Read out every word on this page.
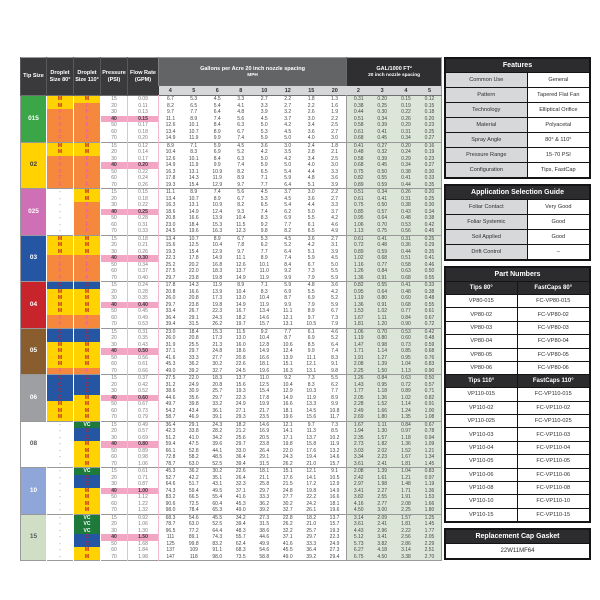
Tip Size	Droplet Size 80°	Droplet Size 110°	Pressure (PSI)	Flow Rate (GPM)	
Gallons per Acre 20 inch nozzle spacing
MPH

GAL/1000 FT²
20 inch nozzle spacing

					4	5	6	8	10	12	15	20	2	3	4	5
015	M	M	15	0.09	6.7	5.3	4.5	3.3	2.7	2.2	1.8	1.3	0.31	0.20	0.15	0.12
	M	F	20	0.11	8.2	6.5	5.4	4.1	3.3	2.7	2.2	1.6	0.38	0.25	0.19	0.15
	F	F	30	0.13	9.7	7.7	6.4	4.8	3.9	3.2	2.6	1.9	0.44	0.30	0.22	0.18
	F	F	40	0.15	11.1	8.9	7.4	5.6	4.5	3.7	3.0	2.2	0.51	0.34	0.26	0.20
	F	F	50	0.17	12.6	10.1	8.4	6.3	5.0	4.2	3.4	2.5	0.58	0.39	0.29	0.23
	F	F	60	0.18	13.4	10.7	8.9	6.7	5.3	4.5	3.6	2.7	0.61	0.41	0.31	0.25
	F	F	70	0.20	14.9	11.9	9.9	7.4	5.9	5.0	4.0	3.0	0.68	0.45	0.34	0.27
02	M	M	15	0.12	8.9	7.1	5.9	4.5	3.6	3.0	2.4	1.8	0.41	0.27	0.20	0.16
	M	M	20	0.14	10.4	8.3	6.9	5.2	4.2	3.5	2.8	2.1	0.48	0.32	0.24	0.19
	F	F	30	0.17	12.6	10.1	8.4	6.3	5.0	4.2	3.4	2.5	0.58	0.39	0.29	0.23
	F	F	40	0.20	14.9	11.9	9.9	7.4	5.9	5.0	4.0	3.0	0.68	0.45	0.34	0.27
	F	F	50	0.22	16.3	13.1	10.9	8.2	6.5	5.4	4.4	3.3	0.75	0.50	0.38	0.30
	F	F	60	0.24	17.8	14.3	11.9	8.9	7.1	5.9	4.8	3.6	0.82	0.55	0.41	0.33
	F	F	70	0.26	19.3	15.4	12.9	9.7	7.7	6.4	5.1	3.9	0.89	0.59	0.44	0.35
025	-	M	15	0.15	11.1	8.9	7.4	5.6	4.5	3.7	3.0	2.2	0.51	0.34	0.26	0.20
	-	M	20	0.18	13.4	10.7	8.9	6.7	5.3	4.5	3.6	2.7	0.61	0.41	0.31	0.25
	-	F	30	0.22	16.3	13.1	10.9	8.2	6.5	5.4	4.4	3.3	0.75	0.50	0.38	0.30
	-	F	40	0.25	18.6	14.9	12.4	9.3	7.4	6.2	5.0	3.7	0.85	0.57	0.43	0.34
	-	F	50	0.28	20.8	16.6	13.9	10.4	8.3	6.9	5.5	4.2	0.95	0.64	0.48	0.38
	-	F	60	0.31	23.0	18.4	15.3	11.5	9.2	7.7	6.1	4.6	1.06	0.70	0.53	0.42
	-	F	70	0.33	24.5	19.6	16.3	12.3	9.8	8.2	6.5	4.9	1.13	0.75	0.56	0.45
03	M	M	15	0.18	13.4	10.7	8.9	6.7	5.3	4.5	3.6	2.7	0.61	0.41	0.31	0.25
	M	M	20	0.21	15.6	12.5	10.4	7.8	6.2	5.2	4.2	3.1	0.72	0.48	0.36	0.29
	M	M	30	0.26	19.3	15.4	12.9	9.7	7.7	6.4	5.1	3.9	0.89	0.59	0.44	0.35
	F	F	40	0.30	22.3	17.8	14.9	11.1	8.9	7.4	5.9	4.5	1.02	0.68	0.51	0.41
	F	F	50	0.34	25.2	20.2	16.8	12.6	10.1	8.4	6.7	5.0	1.16	0.77	0.58	0.46
	F	F	60	0.37	27.5	22.0	18.3	13.7	11.0	9.2	7.3	5.5	1.26	0.84	0.63	0.50
	F	F	70	0.40	29.7	23.8	19.8	14.9	11.9	9.9	7.9	5.9	1.36	0.91	0.68	0.55
04	C	C	15	0.24	17.8	14.3	11.9	8.9	7.1	5.9	4.8	3.6	0.82	0.55	0.41	0.33
	M	M	20	0.28	20.8	16.6	13.9	10.4	8.3	6.9	5.5	4.2	0.95	0.64	0.48	0.38
	M	M	30	0.35	26.0	20.8	17.3	13.0	10.4	8.7	6.9	5.2	1.19	0.80	0.60	0.48
	M	M	40	0.40	29.7	23.8	19.8	14.9	11.9	9.9	7.9	5.9	1.36	0.91	0.68	0.55
	M	M	50	0.45	33.4	26.7	22.3	16.7	13.4	11.1	8.9	6.7	1.53	1.02	0.77	0.61
	F	F	60	0.49	36.4	29.1	24.3	18.2	14.6	12.1	9.7	7.3	1.67	1.11	0.84	0.67
	F	F	70	0.53	39.4	31.5	26.2	19.7	15.7	13.1	10.5	7.9	1.81	1.20	0.90	0.72
05	C	C	15	0.31	23.0	18.4	15.3	11.5	9.2	7.7	6.1	4.6	1.06	0.70	0.53	0.42
	C	C	20	0.35	26.0	20.8	17.3	13.0	10.4	8.7	6.9	5.2	1.19	0.80	0.60	0.48
	M	M	30	0.43	31.9	25.5	21.3	16.0	12.8	10.6	8.5	6.4	1.47	0.98	0.73	0.59
	M	M	40	0.50	37.1	29.7	24.8	18.6	14.9	12.4	9.9	7.4	1.71	1.14	0.85	0.68
	M	M	50	0.56	41.6	33.3	27.7	20.8	16.6	13.9	11.1	8.3	1.91	1.27	0.95	0.76
	M	M	60	0.61	45.3	36.2	30.2	22.6	18.1	15.1	12.1	9.1	2.08	1.39	1.04	0.83
	F	F	70	0.66	49.0	39.2	32.7	24.5	19.6	16.3	13.1	9.8	2.25	1.50	1.13	0.90
06	C	C	15	0.37	27.5	22.0	18.3	13.7	11.0	9.2	7.3	5.5	1.26	0.84	0.63	0.50
	C	C	20	0.42	31.2	24.9	20.8	15.6	12.5	10.4	8.3	6.2	1.43	0.95	0.72	0.57
	C	C	30	0.52	38.6	30.9	25.7	19.3	15.4	12.9	10.3	7.7	1.77	1.18	0.89	0.71
	C	M	40	0.60	44.6	35.6	29.7	22.3	17.8	14.9	11.9	8.9	2.05	1.36	1.02	0.82
	M	M	50	0.67	49.7	39.8	33.2	24.9	19.9	16.6	13.3	9.9	2.28	1.52	1.14	0.91
	M	M	60	0.73	54.2	43.4	36.1	27.1	21.7	18.1	14.5	10.8	2.49	1.66	1.24	1.00
	M	M	70	0.79	58.7	46.9	39.1	29.3	23.5	19.6	15.6	11.7	2.69	1.80	1.35	1.08
08	-	VC	15	0.49	36.4	29.1	24.3	18.2	14.6	12.1	9.7	7.3	1.67	1.11	0.84	0.67
	-	C	20	0.57	42.3	33.8	28.2	21.2	16.9	14.1	11.3	8.5	1.94	1.30	0.97	0.78
	-	C	30	0.69	51.2	41.0	34.2	25.6	20.5	17.1	13.7	10.2	2.35	1.57	1.18	0.94
	-	M	40	0.80	59.4	47.5	39.6	29.7	23.8	19.8	15.8	11.9	2.73	1.82	1.36	1.09
	-	M	50	0.89	66.1	52.8	44.1	33.0	26.4	22.0	17.6	13.2	3.03	2.02	1.52	1.21
	-	M	60	0.98	72.8	58.2	48.5	36.4	29.1	24.3	19.4	14.6	3.34	2.23	1.67	1.34
	-	M	70	1.06	78.7	63.0	52.5	39.4	31.5	26.2	21.0	15.7	3.61	2.41	1.81	1.45
10	-	VC	15	0.61	45.3	36.2	30.2	22.6	18.1	15.1	12.1	9.1	2.08	1.39	1.04	0.83
	-	C	20	0.71	52.7	42.2	35.1	26.4	21.1	17.6	14.1	10.5	2.42	1.61	1.21	0.97
	-	C	30	0.87	64.6	51.7	43.1	32.3	25.8	21.5	17.2	12.9	2.97	1.98	1.48	1.19
	-	M	40	1.00	74.3	59.4	49.5	37.1	29.7	24.8	19.8	14.9	3.41	2.27	1.71	1.36
	-	M	50	1.12	83.2	66.5	55.4	41.6	33.3	27.7	22.2	16.6	3.82	2.55	1.91	1.53
	-	M	60	1.22	90.6	72.5	60.4	45.3	36.2	30.2	24.2	18.1	4.16	2.77	2.08	1.66
	-	M	70	1.32	98.0	78.4	65.3	49.0	39.2	32.7	26.1	19.6	4.50	3.00	2.25	1.80
15	-	VC	15	0.92	68.3	54.6	45.5	34.2	27.3	22.8	18.2	13.7	3.14	2.09	1.57	1.25
	-	VC	20	1.06	78.7	63.0	52.5	39.4	31.5	26.2	21.0	15.7	3.61	2.41	1.81	1.45
	-	VC	30	1.30	96.5	77.2	64.4	48.3	38.6	32.2	25.7	19.3	4.43	2.96	2.22	1.77
	-	C	40	1.50	111	89.1	74.3	55.7	44.6	37.1	29.7	22.3	5.12	3.41	2.56	2.05
	-	C	50	1.68	125	99.8	83.2	62.4	49.9	41.6	33.3	24.9	5.73	3.82	2.86	2.29
	-	M	60	1.84	137	109	91.1	68.3	54.6	45.5	36.4	27.3	6.27	4.18	3.14	2.51
	-	M	70	1.98	147	118	98.0	73.5	58.8	49.0	39.2	29.4	6.75	4.50	3.38	2.70
Features
Common Use	General
Pattern	Tapered Flat Fan
Technology	Elliptical Orifice
Material	Polyacetal
Spray Angle	80° & 110°
Pressure Range	15-70 PSI
Configuration	Tips, FastCap
Application Selection Guide
Foliar Contact	Very Good
Foliar Systemic	Good
Soil Applied	Good
Drift Control	–
Part Numbers
Tips 80°	FastCaps 80°
VP80-015	FC-VP80-015
VP80-02	FC-VP80-02
VP80-03	FC-VP80-03
VP80-04	FC-VP80-04
VP80-05	FC-VP80-05
VP80-06	FC-VP80-06
Tips 110°	FastCaps 110°
VP110-015	FC-VP110-015
VP110-02	FC-VP110-02
VP110-025	FC-VP110-025
VP110-03	FC-VP110-03
VP110-04	FC-VP110-04
VP110-05	FC-VP110-05
VP110-06	FC-VP110-06
VP110-08	FC-VP110-08
VP110-10	FC-VP110-10
VP110-15	FC-VP110-15
Replacement Cap Gasket
22W11MF64
